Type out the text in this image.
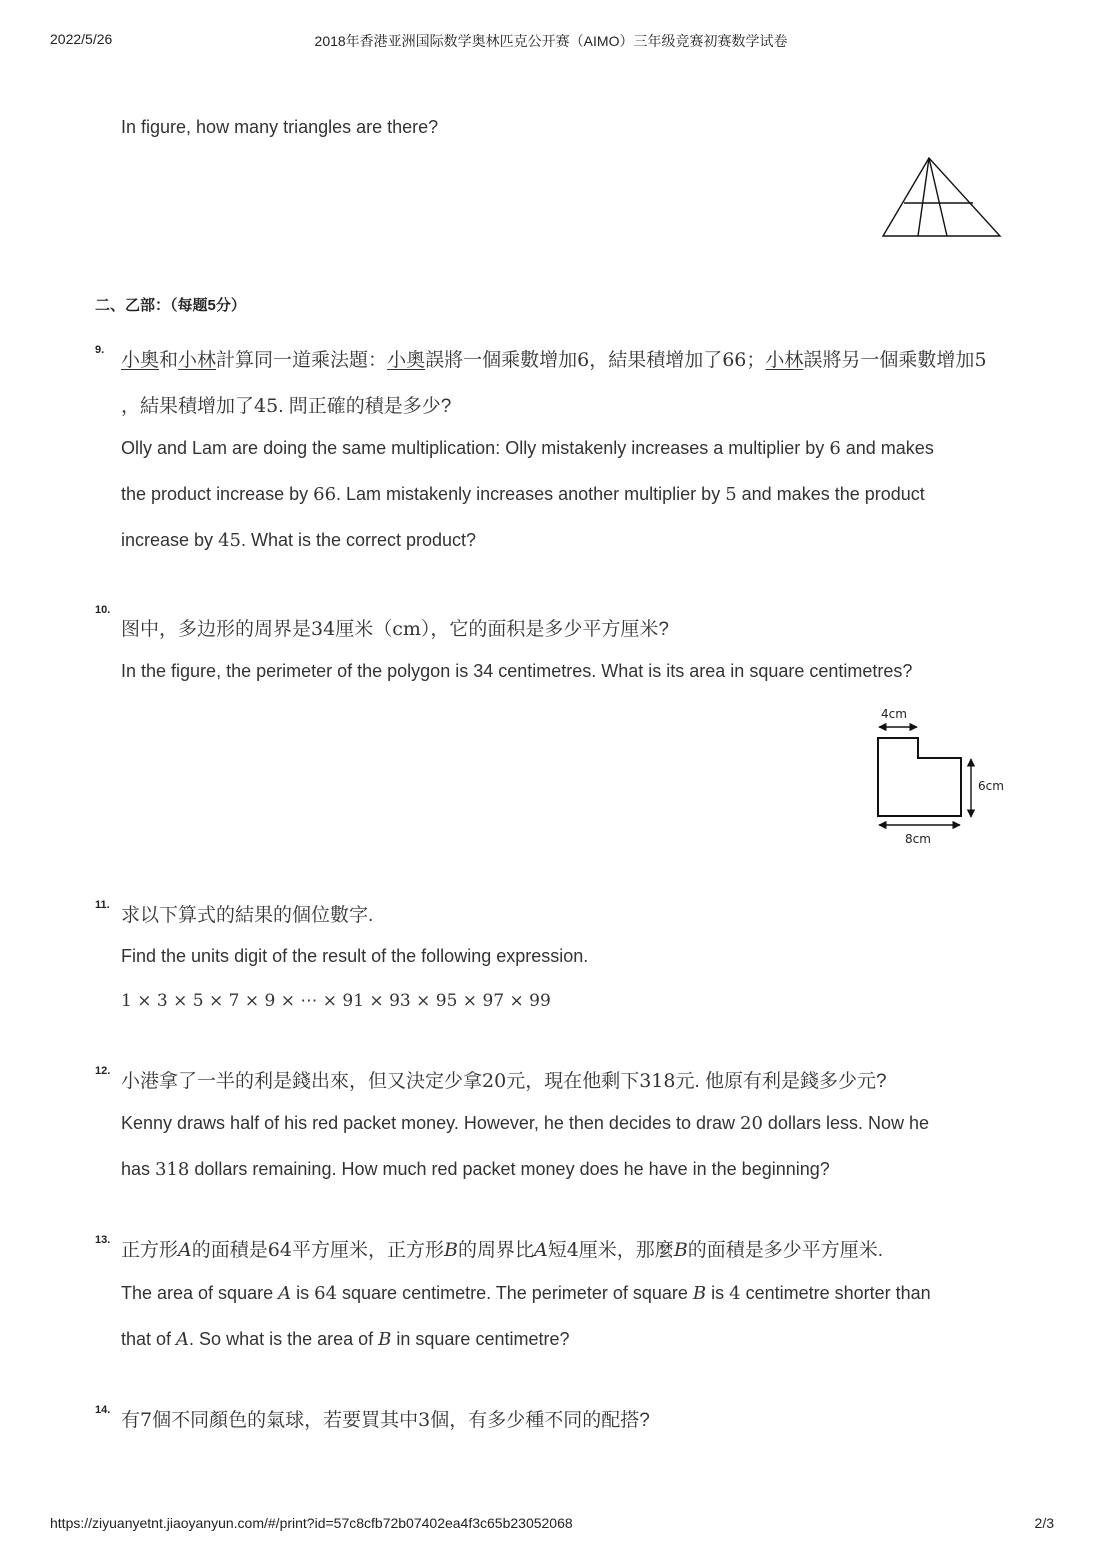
2022/5/26	2018年香港亚洲国际数学奥林匹克公开赛（AIMO）三年级竞赛初赛数学试卷
In figure, how many triangles are there?
二、乙部：（每题5分）
9. 小奧和小林計算同一道乘法題：小奧誤將一個乘數增加6，結果積增加了66；小林誤將另一個乘數增加5
，結果積增加了45. 問正確的積是多少?
Olly and Lam are doing the same multiplication: Olly mistakenly increases a multiplier by 6 and makes
the product increase by 66. Lam mistakenly increases another multiplier by 5 and makes the product
increase by 45. What is the correct product?
10.
图中，多边形的周界是34厘米（cm），它的面积是多少平方厘米?
In the figure, the perimeter of the polygon is 34 centimetres. What is its area in square centimetres?
4cm
6cm
8cm
11. 求以下算式的結果的個位數字.
Find the units digit of the result of the following expression.
1 × 3 × 5 × 7 × 9 × ⋯ × 91 × 93 × 95 × 97 × 99
12. 小港拿了一半的利是錢出來，但又決定少拿20元，現在他剩下318元. 他原有利是錢多少元?
Kenny draws half of his red packet money. However, he then decides to draw 20 dollars less. Now he
has 318 dollars remaining. How much red packet money does he have in the beginning?
13. 正方形A的面積是64平方厘米，正方形B的周界比A短4厘米，那麼B的面積是多少平方厘米.
The area of square A is 64 square centimetre. The perimeter of square B is 4 centimetre shorter than
that of A. So what is the area of B in square centimetre?
14. 有7個不同顏色的氣球，若要買其中3個，有多少種不同的配搭?
https://ziyuanyetnt.jiaoyanyun.com/#/print?id=57c8cfb72b07402ea4f3c65b23052068	2/3
